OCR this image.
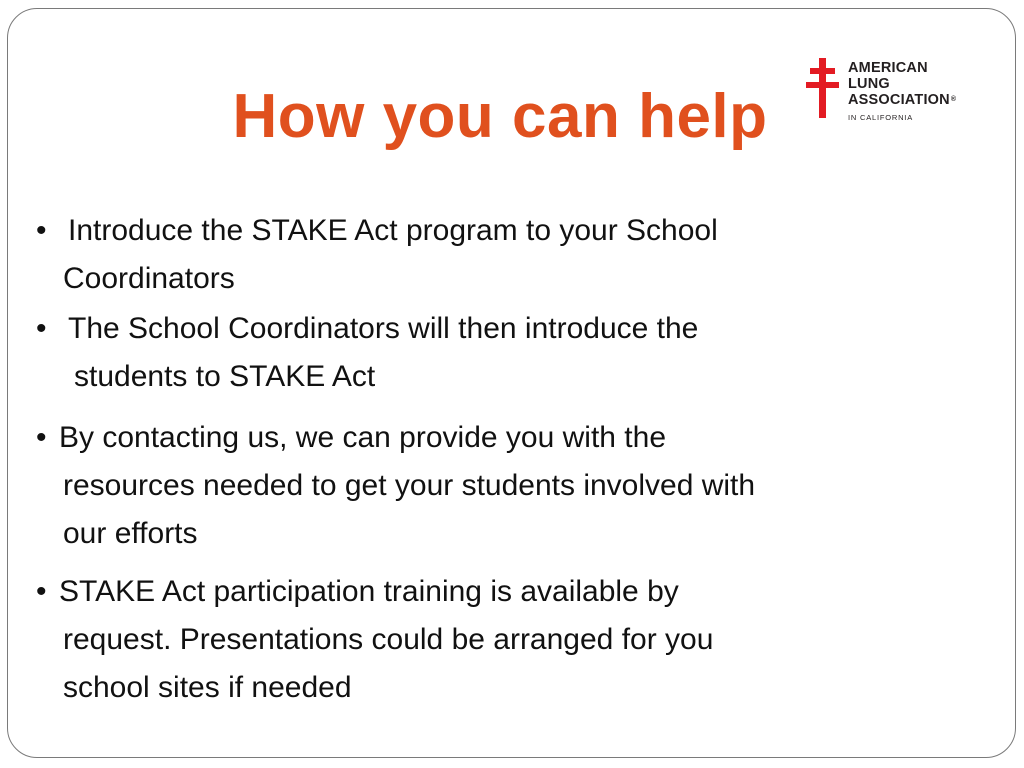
How you can help
AMERICAN
LUNG
ASSOCIATION®
IN CALIFORNIA
• Introduce the STAKE Act program to your School
Coordinators
• The School Coordinators will then introduce the
students to STAKE Act
• By contacting us, we can provide you with the
resources needed to get your students involved with
our efforts
• STAKE Act participation training is available by
request. Presentations could be arranged for you
school sites if needed
